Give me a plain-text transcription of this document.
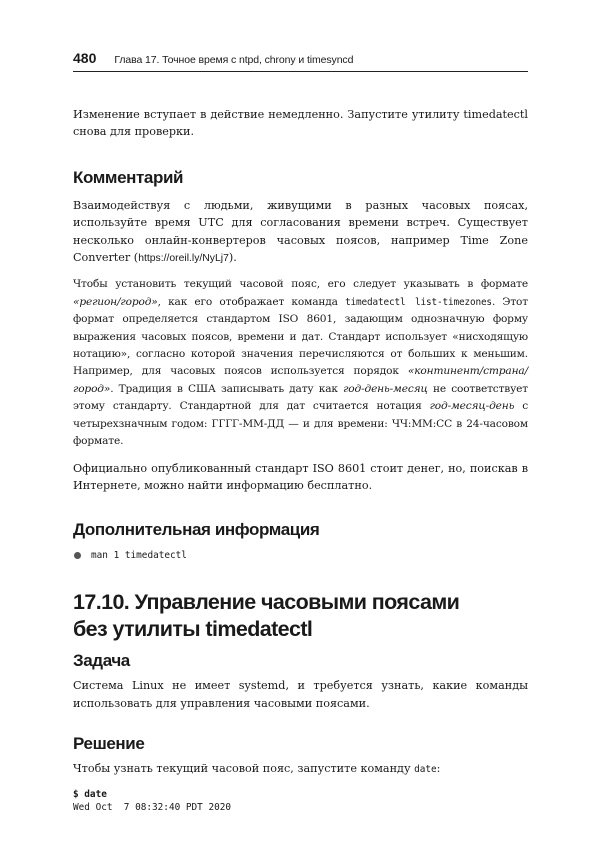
480 Глава 17. Точное время с ntpd, chrony и timesyncd

Изменение вступает в действие немедленно. Запустите утилиту timedatectl снова для проверки.

Комментарий

Взаимодействуя с людьми, живущими в разных часовых поясах, используйте время UTC для согласования времени встреч. Существует несколько онлайн-конвертеров часовых поясов, например Time Zone Converter (https://oreil.ly/NyLj7).

Чтобы установить текущий часовой пояс, его следует указывать в формате «регион/город», как его отображает команда timedatectl list-timezones. Этот формат определяется стандартом ISO 8601, задающим однозначную форму выражения часовых поясов, времени и дат. Стандарт использует «нисходящую нотацию», согласно которой значения перечисляются от больших к меньшим. Например, для часовых поясов используется порядок «континент/страна/город». Традиция в США записывать дату как год-день-месяц не соответствует этому стандарту. Стандартной для дат считается нотация год-месяц-день с четырехзначным годом: ГГГГ-ММ-ДД — и для времени: ЧЧ:ММ:СС в 24-часовом формате.

Официально опубликованный стандарт ISO 8601 стоит денег, но, поискав в Интернете, можно найти информацию бесплатно.

Дополнительная информация
man 1 timedatectl
17.10. Управление часовыми поясами
без утилиты timedatectl
Задача

Система Linux не имеет systemd, и требуется узнать, какие команды использовать для управления часовыми поясами.

Решение

Чтобы узнать текущий часовой пояс, запустите команду date:

$ date
Wed Oct  7 08:32:40 PDT 2020
